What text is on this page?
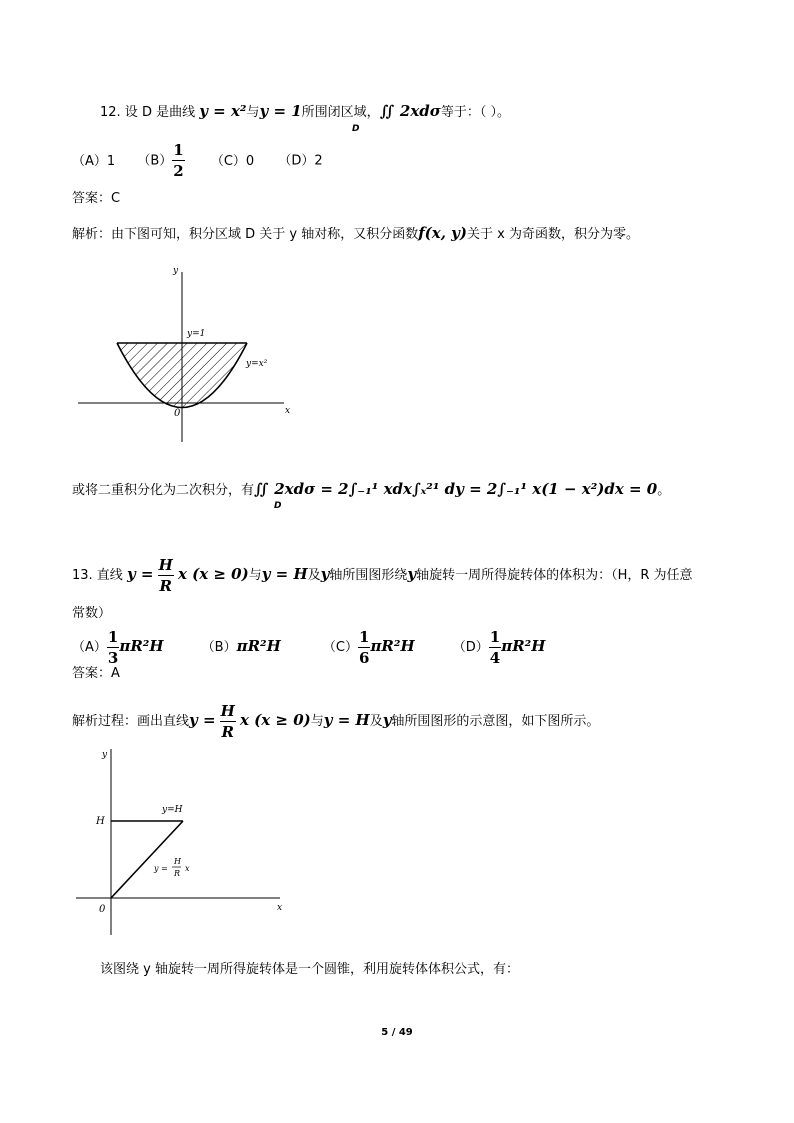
12. 设 D 是曲线 y = x²与y = 1所围闭区域，∬ 2xdσ等于：（ ）。
D
（A）1 $(B) \frac{1}{2} (C)0$ （D）2
答案：C
解析：由下图可知，积分区域 D 关于 y 轴对称，又积分函数f(x, y)关于 x 为奇函数，积分为零。
y
x
0
y=1
y=x²
或将二重积分化为二次积分，有∬ 2xdσ = 2∫₋₁¹ xdx∫ₓ²¹ dy = 2∫₋₁¹ x(1 − x²)dx = 0。
D
13. 直线 $y = \frac{H}{R}$ x (x ≥ 0)与y = H及y轴所围图形绕y轴旋转一周所得旋转体的体积为：（H，R 为任意
常数）
$(A) \frac{1}{3} \pi R^2H$	（B）πR²H	$(C) \frac{1}{6} \pi R^2H$	$(D) \frac{1}{4} \pi R^2H$
答案：A
解析过程：画出直线$y = \frac{H}{R}$ x (x ≥ 0)与y = H及y轴所围图形的示意图，如下图所示。
y
x
0
H
y=H
y =
H
R
x
该图绕 y 轴旋转一周所得旋转体是一个圆锥，利用旋转体体积公式，有：
5 / 49
